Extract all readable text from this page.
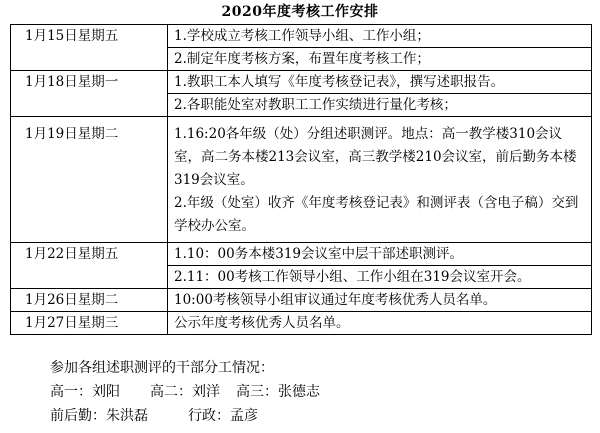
2020年度考核工作安排
1月15日星期五	1.学校成立考核工作领导小组、工作小组；
2.制定年度考核方案，布置年度考核工作；

1月18日星期一	1.教职工本人填写《年度考核登记表》，撰写述职报告。
2.各职能处室对教职工工作实绩进行量化考核；

1月19日星期二	1.16:20各年级（处）分组述职测评。地点：高一教学楼310会议室，高二务本楼213会议室，高三教学楼210会议室，前后勤务本楼319会议室。
2.年级（处室）收齐《年度考核登记表》和测评表（含电子稿）交到学校办公室。

1月22日星期五	1.10：00务本楼319会议室中层干部述职测评。
2.11：00考核工作领导小组、工作小组在319会议室开会。

1月26日星期二	10:00考核领导小组审议通过年度考核优秀人员名单。

1月27日星期三	公示年度考核优秀人员名单。
参加各组述职测评的干部分工情况：
高一：刘阳 高二：刘洋 高三：张德志
前后勤：朱洪磊	行政：孟彦
